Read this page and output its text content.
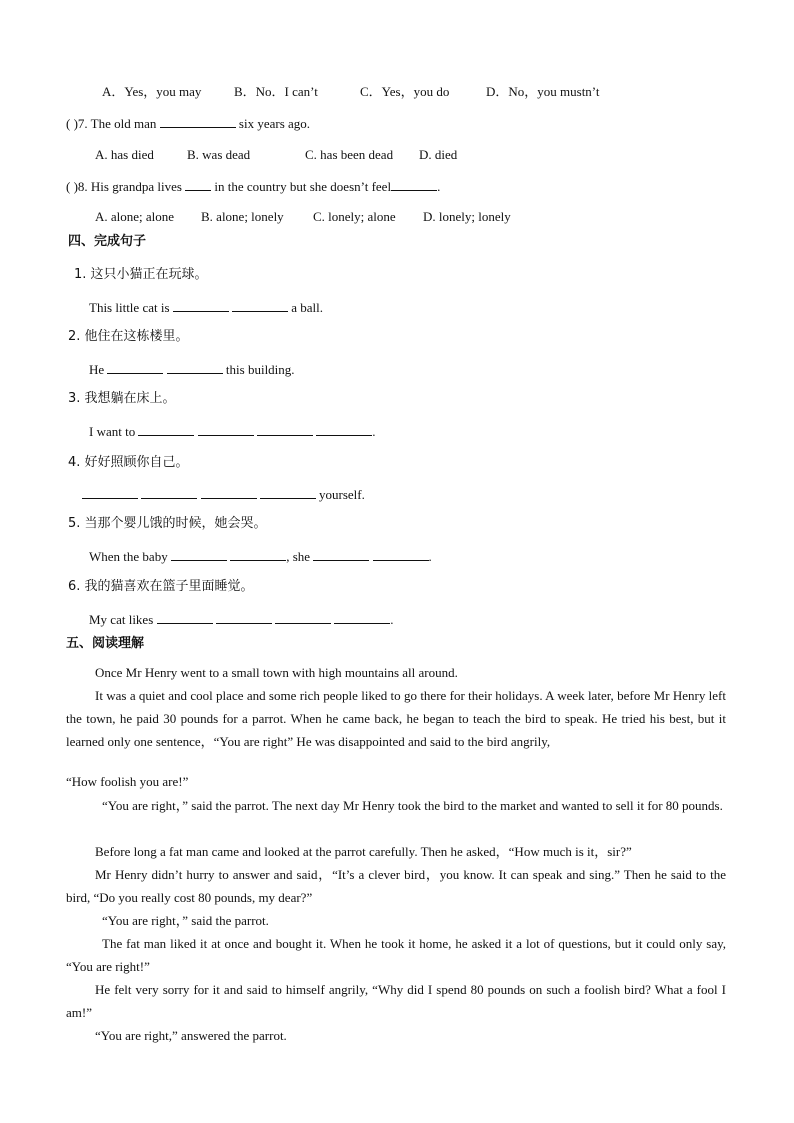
A．Yes，you may	B．No．I can’t	C．Yes，you do	D．No，you mustn’t
( )7. The old man	six years ago.
A. has died	B. was dead	C. has been dead D. died
( )8. His grandpa lives	in the country but she doesn’t feel	.
A. alone; alone B. alone; lonely C. lonely; alone D. lonely; lonely
四、完成句子
1. 这只小猫正在玩球。
This little cat is	a ball.
2. 他住在这栋楼里。
He	this building.
3. 我想躺在床上。
I want to	.
4. 好好照顾你自己。
yourself.
5. 当那个婴儿饿的时候，她会哭。
When the baby	, she	.
6. 我的猫喜欢在篮子里面睡觉。
My cat likes	.
五、阅读理解
Once Mr Henry went to a small town with high mountains all around.
It was a quiet and cool place and some rich people liked to go there for their holidays. A week later, before Mr Henry left the town, he paid 30 pounds for a parrot. When he came back, he began to teach the bird to speak. He tried his best, but it learned only one sentence，“You are right” He was disappointed and said to the bird angrily,
“How foolish you are!”
“You are right，” said the parrot. The next day Mr Henry took the bird to the market and wanted to sell it for 80 pounds.
Before long a fat man came and looked at the parrot carefully. Then he asked，“How much is it，sir?”
Mr Henry didn’t hurry to answer and said，“It’s a clever bird，you know. It can speak and sing.” Then he said to the bird, “Do you really cost 80 pounds, my dear?”
“You are right，” said the parrot.
The fat man liked it at once and bought it. When he took it home, he asked it a lot of questions, but it could only say, “You are right!”
He felt very sorry for it and said to himself angrily, “Why did I spend 80 pounds on such a foolish bird? What a fool I am!”
“You are right,” answered the parrot.
